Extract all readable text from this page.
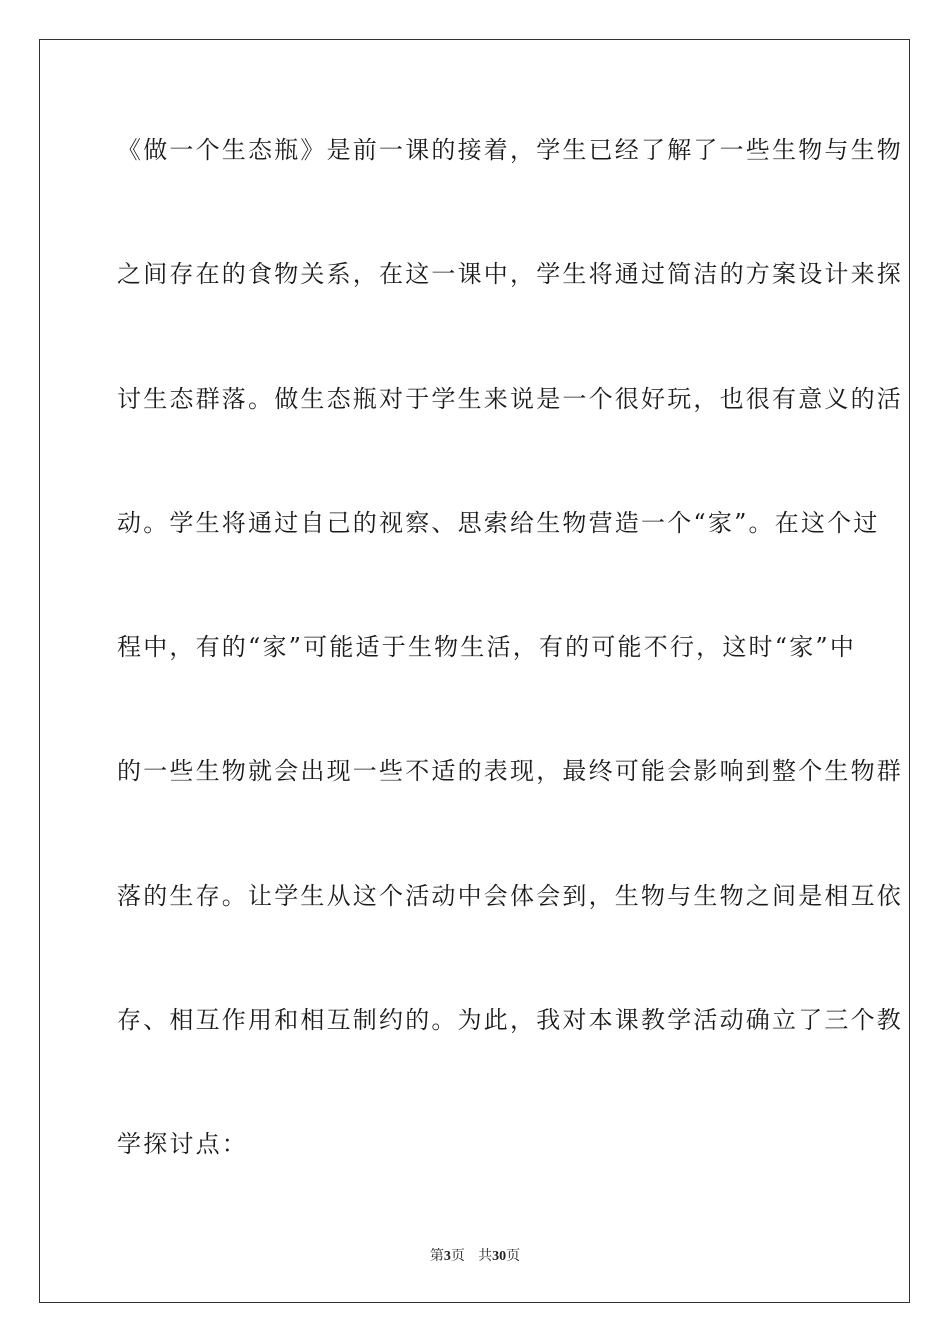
《做一个生态瓶》是前一课的接着，学生已经了解了一些生物与生物
之间存在的食物关系，在这一课中，学生将通过简洁的方案设计来探
讨生态群落。做生态瓶对于学生来说是一个很好玩，也很有意义的活
动。学生将通过自己的视察、思索给生物营造一个“家”。在这个过
程中，有的“家”可能适于生物生活，有的可能不行，这时“家”中
的一些生物就会出现一些不适的表现，最终可能会影响到整个生物群
落的生存。让学生从这个活动中会体会到，生物与生物之间是相互依
存、相互作用和相互制约的。为此，我对本课教学活动确立了三个教
学探讨点：
第3页 共30页
